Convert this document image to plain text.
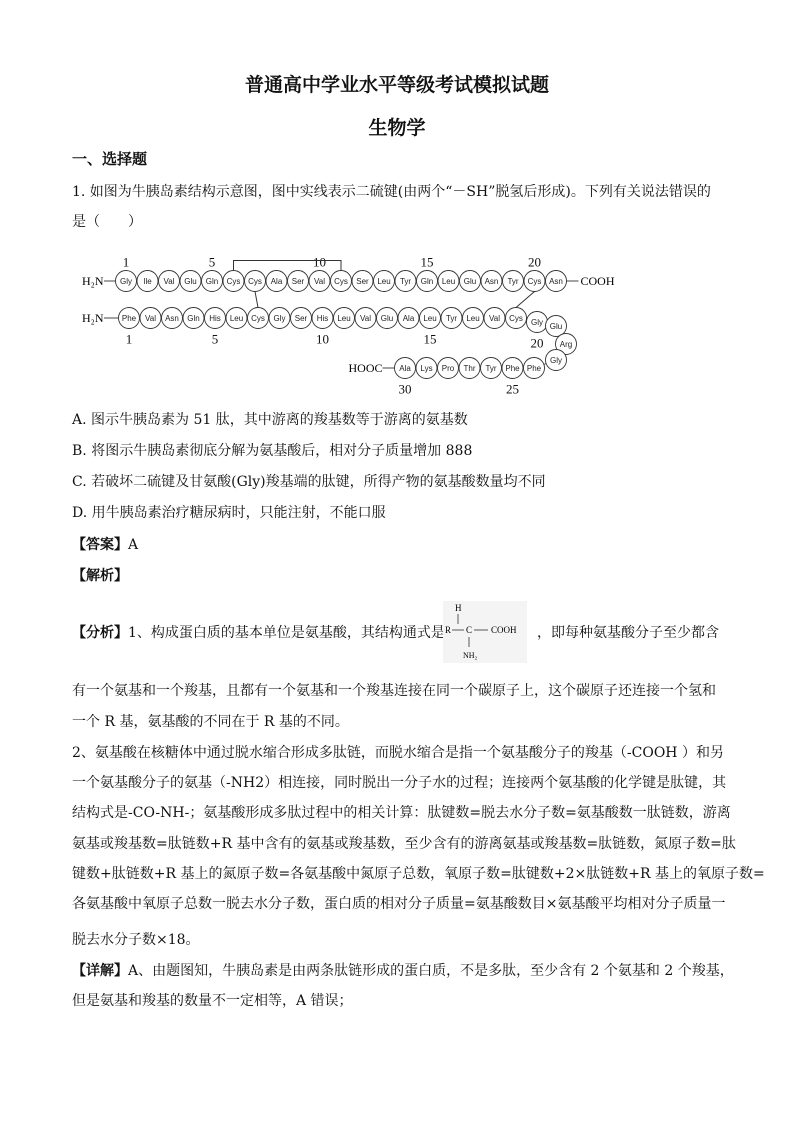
普通高中学业水平等级考试模拟试题
生物学
一、选择题
1. 如图为牛胰岛素结构示意图，图中实线表示二硫键(由两个“－SH”脱氢后形成)。下列有关说法错误的
是（　　）
H₂N Gly Ile Val Glu Gln Cys Cys Ala Ser Val Cys Ser Leu Tyr Gln Leu Glu Asn Tyr Cys Asn COOH
1	5	10	15	20
H₂N Phe Val Asn Gln His Leu Cys Gly Ser His Leu Val Glu Ala Leu Tyr Leu Val Cys Gly Glu
Arg
Gly
Phe
Phe
Tyr
Thr
Pro
Lys
Ala
HOOC
1	5	10	15	20
25
30
A. 图示牛胰岛素为 51 肽，其中游离的羧基数等于游离的氨基数
B. 将图示牛胰岛素彻底分解为氨基酸后，相对分子质量增加 888
C. 若破坏二硫键及甘氨酸(Gly)羧基端的肽键，所得产物的氨基酸数量均不同
D. 用牛胰岛素治疗糖尿病时，只能注射，不能口服
【答案】A
【解析】
【分析】1、构成蛋白质的基本单位是氨基酸，其结构通式是
H
R C COOH
NH₂
，即每种氨基酸分子至少都含
有一个氨基和一个羧基，且都有一个氨基和一个羧基连接在同一个碳原子上，这个碳原子还连接一个氢和
一个 R 基，氨基酸的不同在于 R 基的不同。
2、氨基酸在核糖体中通过脱水缩合形成多肽链，而脱水缩合是指一个氨基酸分子的羧基（-COOH ）和另
一个氨基酸分子的氨基（-NH2）相连接，同时脱出一分子水的过程；连接两个氨基酸的化学键是肽键，其
结构式是-CO-NH-；氨基酸形成多肽过程中的相关计算：肽键数=脱去水分子数=氨基酸数一肽链数，游离
氨基或羧基数=肽链数+R 基中含有的氨基或羧基数，至少含有的游离氨基或羧基数=肽链数，氮原子数=肽
键数+肽链数+R 基上的氮原子数=各氨基酸中氮原子总数，氧原子数=肽键数+2×肽链数+R 基上的氧原子数=
各氨基酸中氧原子总数一脱去水分子数，蛋白质的相对分子质量=氨基酸数目×氨基酸平均相对分子质量一
脱去水分子数×18。
【详解】A、由题图知，牛胰岛素是由两条肽链形成的蛋白质，不是多肽，至少含有 2 个氨基和 2 个羧基，
但是氨基和羧基的数量不一定相等，A 错误；
